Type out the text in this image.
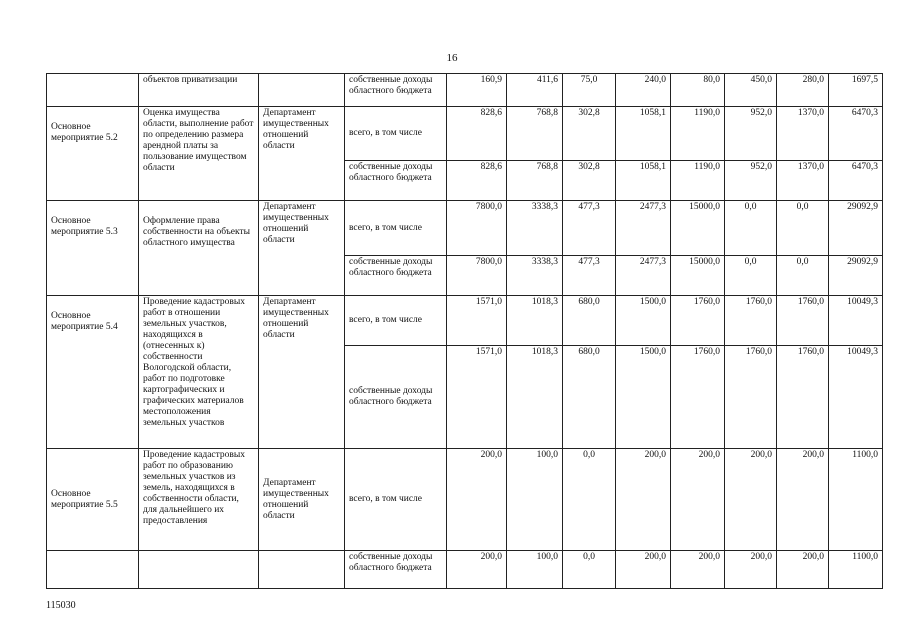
16
	объектов приватизации		собственные доходы областного бюджета	160,9	411,6	75,0	240,0	80,0	450,0	280,0	1697,5

Основное мероприятие 5.2	Оценка имущества области, выполнение работ по определению размера арендной платы за пользование имуществом области	Департамент имущественных отношений области	всего, в том числе	828,6	768,8	302,8	1058,1	1190,0	952,0	1370,0	6470,3
			собственные доходы областного бюджета	828,6	768,8	302,8	1058,1	1190,0	952,0	1370,0	6470,3

Основное мероприятие 5.3	Оформление права собственности на объекты областного имущества	Департамент имущественных отношений области	всего, в том числе	7800,0	3338,3	477,3	2477,3	15000,0	0,0	0,0	29092,9
			собственные доходы областного бюджета	7800,0	3338,3	477,3	2477,3	15000,0	0,0	0,0	29092,9

Основное мероприятие 5.4	Проведение кадастровых работ в отношении земельных участков, находящихся в (отнесенных к) собственности Вологодской области, работ по подготовке картографических и графических материалов местоположения земельных участков	Департамент имущественных отношений области	всего, в том числе	1571,0	1018,3	680,0	1500,0	1760,0	1760,0	1760,0	10049,3
			собственные доходы областного бюджета	1571,0	1018,3	680,0	1500,0	1760,0	1760,0	1760,0	10049,3
Основное мероприятие 5.5	Проведение кадастровых работ по образованию земельных участков из земель, находящихся в собственности области, для дальнейшего их предоставления	Департамент имущественных отношений области	всего, в том числе	200,0	100,0	0,0	200,0	200,0	200,0	200,0	1100,0
			собственные доходы областного бюджета	200,0	100,0	0,0	200,0	200,0	200,0	200,0	1100,0
115030
